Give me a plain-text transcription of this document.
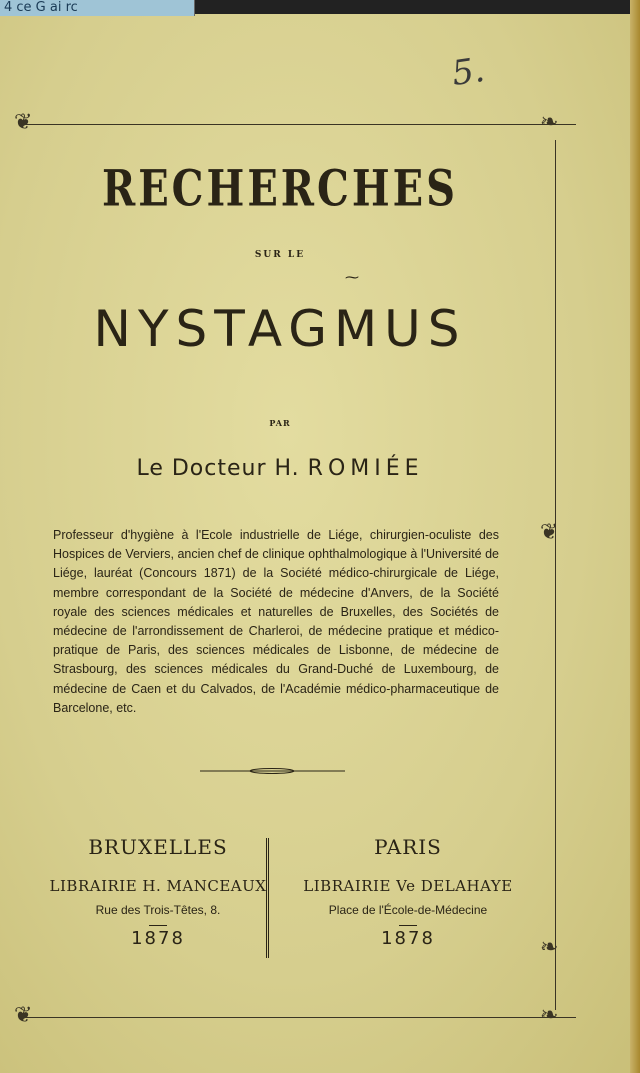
4 ce G ai rc
5.
❦	❧
❦	❧
❦
❧
RECHERCHES
SUR LE
⁓
NYSTAGMUS
PAR
Le Docteur H. ROMIÉE
Professeur d'hygiène à l'Ecole industrielle de Liége, chirurgien-oculiste des Hospices de Verviers, ancien chef de clinique ophthalmologique à l'Université de Liége, lauréat (Concours 1871) de la Société médico-chirurgicale de Liége, membre correspondant de la Société de médecine d'Anvers, de la Société royale des sciences médicales et naturelles de Bruxelles, des Sociétés de médecine de l'arrondissement de Charleroi, de médecine pratique et médico-pratique de Paris, des sciences médicales de Lisbonne, de médecine de Strasbourg, des sciences médicales du Grand-Duché de Luxembourg, de médecine de Caen et du Calvados, de l'Académie médico-pharmaceutique de Barcelone, etc.
BRUXELLES
LIBRAIRIE H. MANCEAUX
Rue des Trois-Têtes, 8.
1878
PARIS
LIBRAIRIE Ve DELAHAYE
Place de l'École-de-Médecine
1878
